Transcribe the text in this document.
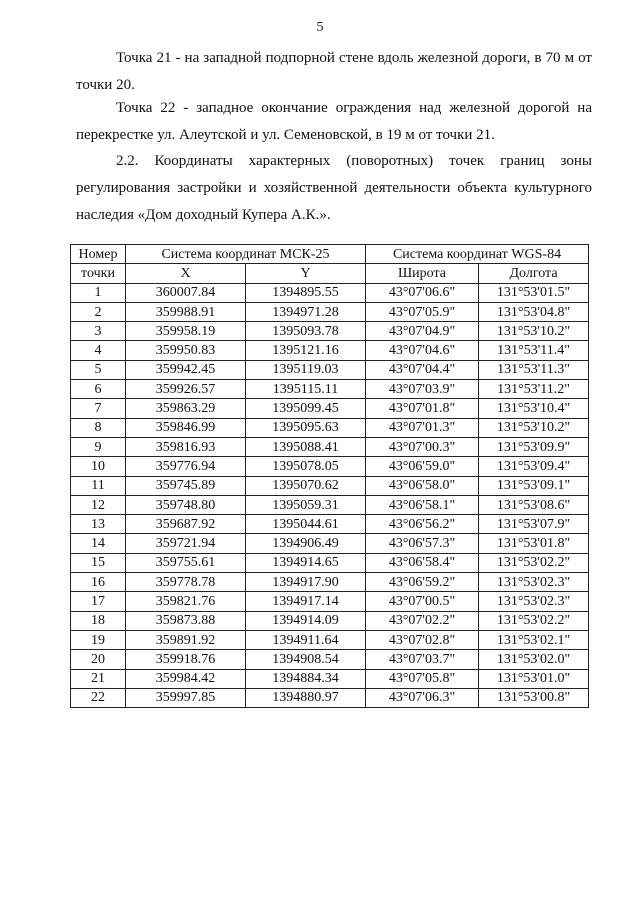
5

Точка 21 - на западной подпорной стене вдоль железной дороги, в 70 м от точки 20.

Точка 22 - западное окончание ограждения над железной дорогой на перекрестке ул. Алеутской и ул. Семеновской, в 19 м от точки 21.

2.2. Координаты характерных (поворотных) точек границ зоны регулирования застройки и хозяйственной деятельности объекта культурного наследия «Дом доходный Купера А.К.».

Номер	Система координат МСК-25		Система координат WGS-84	
точки	X	Y	Широта	Долгота
1	360007.84	1394895.55	43°07'06.6"	131°53'01.5"
2	359988.91	1394971.28	43°07'05.9"	131°53'04.8"
3	359958.19	1395093.78	43°07'04.9"	131°53'10.2"
4	359950.83	1395121.16	43°07'04.6"	131°53'11.4"
5	359942.45	1395119.03	43°07'04.4"	131°53'11.3"
6	359926.57	1395115.11	43°07'03.9"	131°53'11.2"
7	359863.29	1395099.45	43°07'01.8"	131°53'10.4"
8	359846.99	1395095.63	43°07'01.3"	131°53'10.2"
9	359816.93	1395088.41	43°07'00.3"	131°53'09.9"
10	359776.94	1395078.05	43°06'59.0"	131°53'09.4"
11	359745.89	1395070.62	43°06'58.0"	131°53'09.1"
12	359748.80	1395059.31	43°06'58.1"	131°53'08.6"
13	359687.92	1395044.61	43°06'56.2"	131°53'07.9"
14	359721.94	1394906.49	43°06'57.3"	131°53'01.8"
15	359755.61	1394914.65	43°06'58.4"	131°53'02.2"
16	359778.78	1394917.90	43°06'59.2"	131°53'02.3"
17	359821.76	1394917.14	43°07'00.5"	131°53'02.3"
18	359873.88	1394914.09	43°07'02.2"	131°53'02.2"
19	359891.92	1394911.64	43°07'02.8"	131°53'02.1"
20	359918.76	1394908.54	43°07'03.7"	131°53'02.0"
21	359984.42	1394884.34	43°07'05.8"	131°53'01.0"
22	359997.85	1394880.97	43°07'06.3"	131°53'00.8"
